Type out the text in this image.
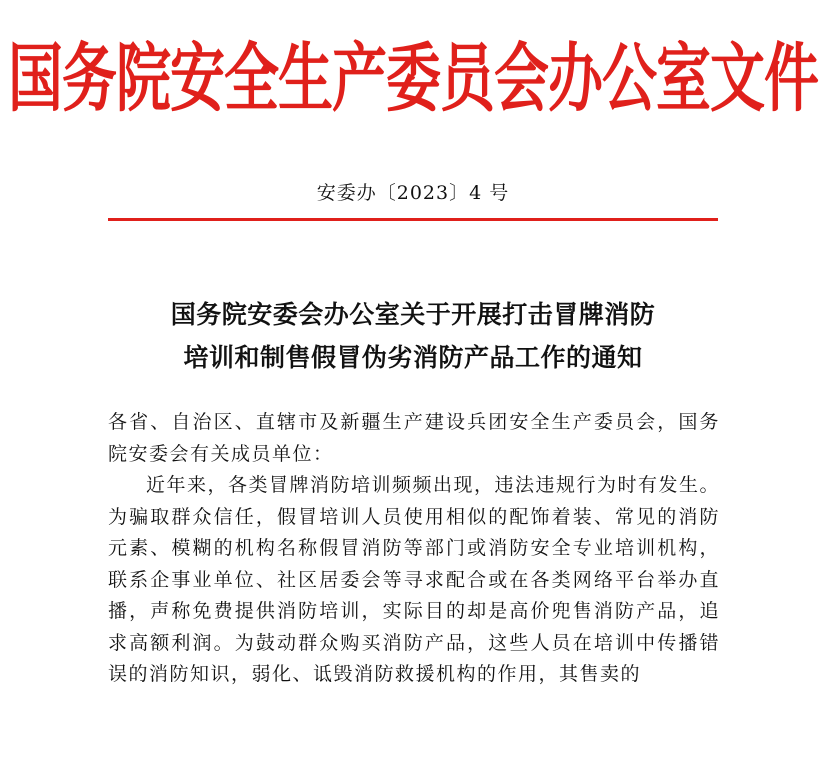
国务院安全生产委员会办公室文件
安委办〔2023〕4 号
国务院安委会办公室关于开展打击冒牌消防
培训和制售假冒伪劣消防产品工作的通知

各省、自治区、直辖市及新疆生产建设兵团安全生产委员会，国务院安委会有关成员单位：

近年来，各类冒牌消防培训频频出现，违法违规行为时有发生。为骗取群众信任，假冒培训人员使用相似的配饰着装、常见的消防元素、模糊的机构名称假冒消防等部门或消防安全专业培训机构，联系企事业单位、社区居委会等寻求配合或在各类网络平台举办直播，声称免费提供消防培训，实际目的却是高价兜售消防产品，追求高额利润。为鼓动群众购买消防产品，这些人员在培训中传播错误的消防知识，弱化、诋毁消防救援机构的作用，其售卖的
